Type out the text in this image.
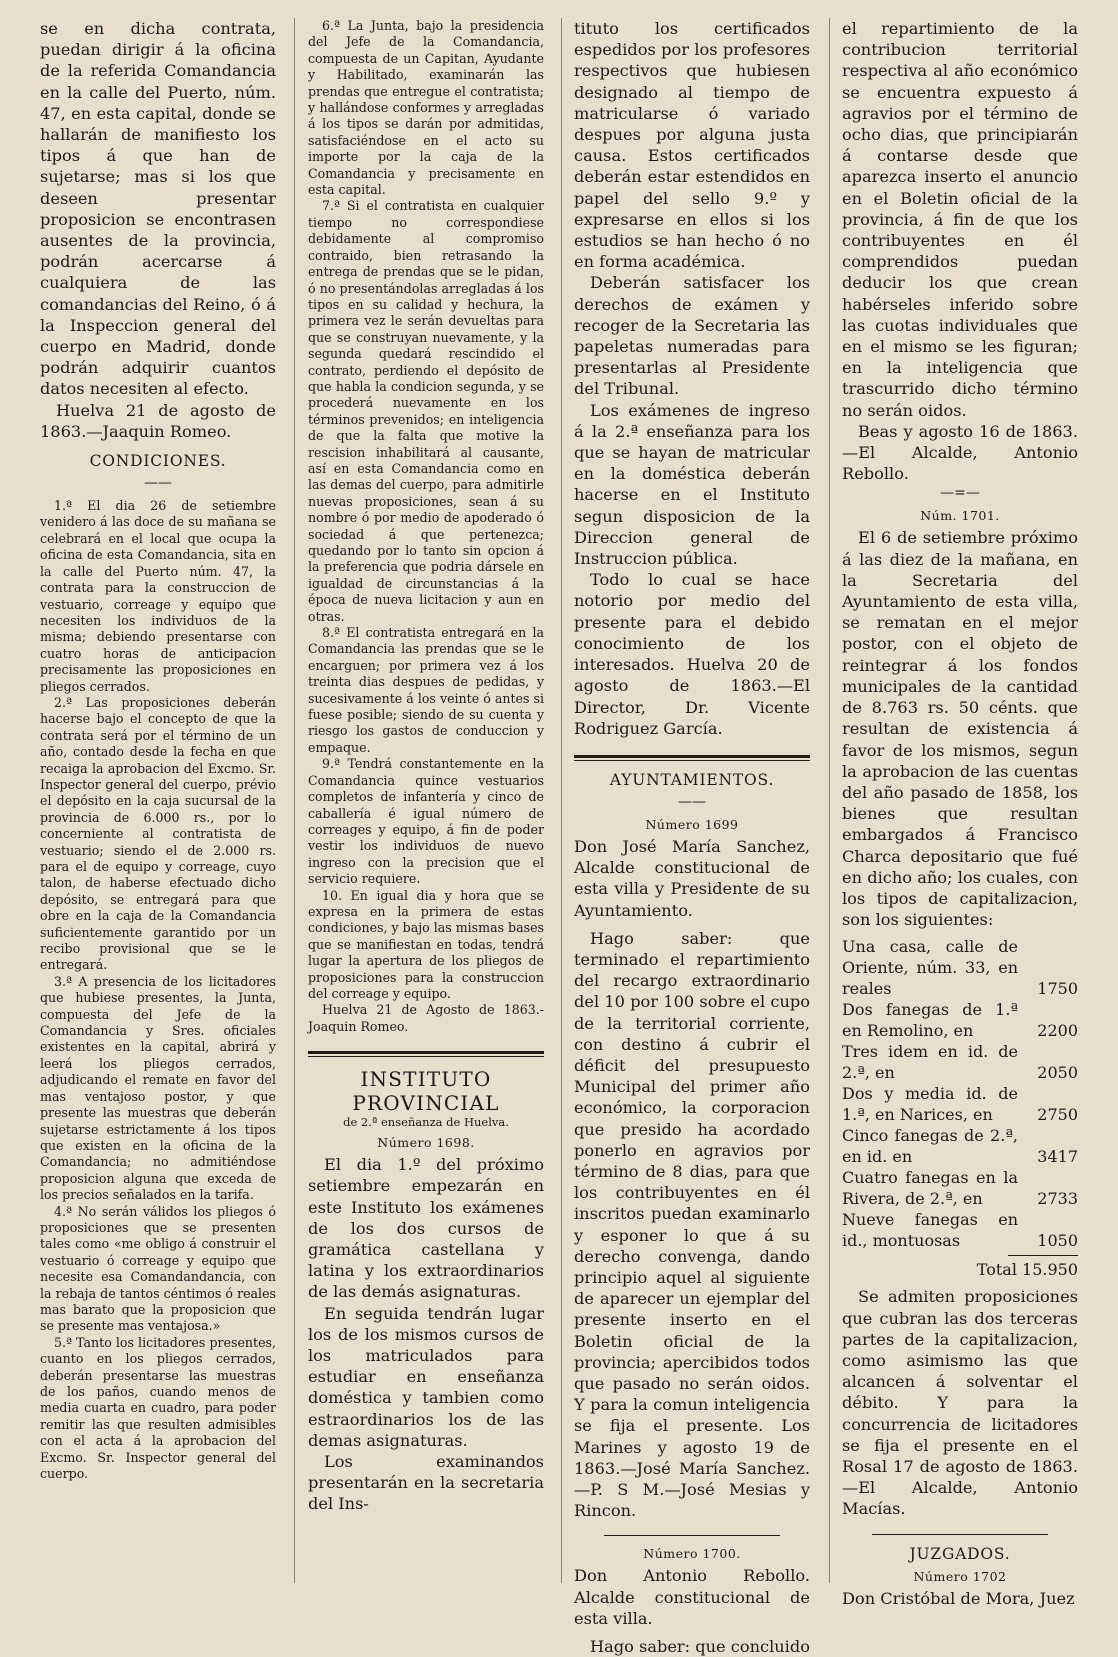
se en dicha contrata, puedan dirigir á la oficina de la referida Comandancia en la calle del Puerto, núm. 47, en esta capital, donde se hallarán de manifiesto los tipos á que han de sujetarse; mas si los que deseen presentar proposicion se encontrasen ausentes de la provincia, podrán acercarse á cualquiera de las comandancias del Reino, ó á la Inspeccion general del cuerpo en Madrid, donde podrán adquirir cuantos datos necesiten al efecto.

Huelva 21 de agosto de 1863.—Jaaquin Romeo.

CONDICIONES.
——

1.ª El dia 26 de setiembre venidero á las doce de su mañana se celebrará en el local que ocupa la oficina de esta Comandancia, sita en la calle del Puerto núm. 47, la contrata para la construccion de vestuario, correage y equipo que necesiten los individuos de la misma; debiendo presentarse con cuatro horas de anticipacion precisamente las proposiciones en pliegos cerrados.

2.ª Las proposiciones deberán hacerse bajo el concepto de que la contrata será por el término de un año, contado desde la fecha en que recaiga la aprobacion del Excmo. Sr. Inspector general del cuerpo, prévio el depósito en la caja sucursal de la provincia de 6.000 rs., por lo concerniente al contratista de vestuario; siendo el de 2.000 rs. para el de equipo y correage, cuyo talon, de haberse efectuado dicho depósito, se entregará para que obre en la caja de la Comandancia suficientemente garantido por un recibo provisional que se le entregará.

3.ª A presencia de los licitadores que hubiese presentes, la Junta, compuesta del Jefe de la Comandancia y Sres. oficiales existentes en la capital, abrirá y leerá los pliegos cerrados, adjudicando el remate en favor del mas ventajoso postor, y que presente las muestras que deberán sujetarse estrictamente á los tipos que existen en la oficina de la Comandancia; no admitiéndose proposicion alguna que exceda de los precios señalados en la tarifa.

4.ª No serán válidos los pliegos ó proposiciones que se presenten tales como «me obligo á construir el vestuario ó correage y equipo que necesite esa Comandandancia, con la rebaja de tantos céntimos ó reales mas barato que la proposicion que se presente mas ventajosa.»

5.ª Tanto los licitadores presentes, cuanto en los pliegos cerrados, deberán presentarse las muestras de los paños, cuando menos de media cuarta en cuadro, para poder remitir las que resulten admisibles con el acta á la aprobacion del Excmo. Sr. Inspector general del cuerpo.

6.ª La Junta, bajo la presidencia del Jefe de la Comandancia, compuesta de un Capitan, Ayudante y Habilitado, examinarán las prendas que entregue el contratista; y hallándose conformes y arregladas á los tipos se darán por admitidas, satisfaciéndose en el acto su importe por la caja de la Comandancia y precisamente en esta capital.

7.ª Si el contratista en cualquier tiempo no correspondiese debidamente al compromiso contraido, bien retrasando la entrega de prendas que se le pidan, ó no presentándolas arregladas á los tipos en su calidad y hechura, la primera vez le serán devueltas para que se construyan nuevamente, y la segunda quedará rescindido el contrato, perdiendo el depósito de que habla la condicion segunda, y se procederá nuevamente en los términos prevenidos; en inteligencia de que la falta que motive la rescision inhabilitará al causante, así en esta Comandancia como en las demas del cuerpo, para admitirle nuevas proposiciones, sean á su nombre ó por medio de apoderado ó sociedad á que pertenezca; quedando por lo tanto sin opcion á la preferencia que podria dársele en igualdad de circunstancias á la época de nueva licitacion y aun en otras.

8.ª El contratista entregará en la Comandancia las prendas que se le encarguen; por primera vez á los treinta dias despues de pedidas, y sucesivamente á los veinte ó antes si fuese posible; siendo de su cuenta y riesgo los gastos de conduccion y empaque.

9.ª Tendrá constantemente en la Comandancia quince vestuarios completos de infantería y cinco de caballería é igual número de correages y equipo, á fin de poder vestir los individuos de nuevo ingreso con la precision que el servicio requiere.

10. En igual dia y hora que se expresa en la primera de estas condiciones, y bajo las mismas bases que se manifiestan en todas, tendrá lugar la apertura de los pliegos de proposiciones para la construccion del correage y equipo.

Huelva 21 de Agosto de 1863.-Joaquin Romeo.

INSTITUTO PROVINCIAL
de 2.ª enseñanza de Huelva.
Número 1698.

El dia 1.º del próximo setiembre empezarán en este Instituto los exámenes de los dos cursos de gramática castellana y latina y los extraordinarios de las demás asignaturas.

En seguida tendrán lugar los de los mismos cursos de los matriculados para estudiar en enseñanza doméstica y tambien como estraordinarios los de las demas asignaturas.

Los examinandos presentarán en la secretaria del Ins-

tituto los certificados espedidos por los profesores respectivos que hubiesen designado al tiempo de matricularse ó variado despues por alguna justa causa. Estos certificados deberán estar estendidos en papel del sello 9.º y expresarse en ellos si los estudios se han hecho ó no en forma académica.

Deberán satisfacer los derechos de exámen y recoger de la Secretaria las papeletas numeradas para presentarlas al Presidente del Tribunal.

Los exámenes de ingreso á la 2.ª enseñanza para los que se hayan de matricular en la doméstica deberán hacerse en el Instituto segun disposicion de la Direccion general de Instruccion pública.

Todo lo cual se hace notorio por medio del presente para el debido conocimiento de los interesados. Huelva 20 de agosto de 1863.—El Director, Dr. Vicente Rodriguez García.

AYUNTAMIENTOS.
——
Número 1699

Don José María Sanchez, Alcalde constitucional de esta villa y Presidente de su Ayuntamiento.

Hago saber: que terminado el repartimiento del recargo extraordinario del 10 por 100 sobre el cupo de la territorial corriente, con destino á cubrir el déficit del presupuesto Municipal del primer año económico, la corporacion que presido ha acordado ponerlo en agravios por término de 8 dias, para que los contribuyentes en él inscritos puedan examinarlo y esponer lo que á su derecho convenga, dando principio aquel al siguiente de aparecer un ejemplar del presente inserto en el Boletin oficial de la provincia; apercibidos todos que pasado no serán oidos. Y para la comun inteligencia se fija el presente. Los Marines y agosto 19 de 1863.—José María Sanchez.—P. S M.—José Mesias y Rincon.

Número 1700.

Don Antonio Rebollo. Alcalde constitucional de esta villa.

Hago saber: que concluido

el repartimiento de la contribucion territorial respectiva al año económico se encuentra expuesto á agravios por el término de ocho dias, que principiarán á contarse desde que aparezca inserto el anuncio en el Boletin oficial de la provincia, á fin de que los contribuyentes en él comprendidos puedan deducir los que crean habérseles inferido sobre las cuotas individuales que en el mismo se les figuran; en la inteligencia que trascurrido dicho término no serán oidos.

Beas y agosto 16 de 1863. —El Alcalde, Antonio Rebollo.

—=—
Núm. 1701.

El 6 de setiembre próximo á las diez de la mañana, en la Secretaria del Ayuntamiento de esta villa, se rematan en el mejor postor, con el objeto de reintegrar á los fondos municipales de la cantidad de 8.763 rs. 50 cénts. que resultan de existencia á favor de los mismos, segun la aprobacion de las cuentas del año pasado de 1858, los bienes que resultan embargados á Francisco Charca depositario que fué en dicho año; los cuales, con los tipos de capitalizacion, son los siguientes:

Una casa, calle de Oriente, núm. 33, en reales	1750
Dos fanegas de 1.ª en Remolino, en	2200
Tres idem en id. de 2.ª, en	2050
Dos y media id. de 1.ª, en Narices, en	2750
Cinco fanegas de 2.ª, en id. en	3417
Cuatro fanegas en la Rivera, de 2.ª, en	2733
Nueve fanegas en id., montuosas	1050
Total 15.950

Se admiten proposiciones que cubran las dos terceras partes de la capitalizacion, como asimismo las que alcancen á solventar el débito. Y para la concurrencia de licitadores se fija el presente en el Rosal 17 de agosto de 1863. —El Alcalde, Antonio Macías.

JUZGADOS.
Número 1702

Don Cristóbal de Mora, Juez
